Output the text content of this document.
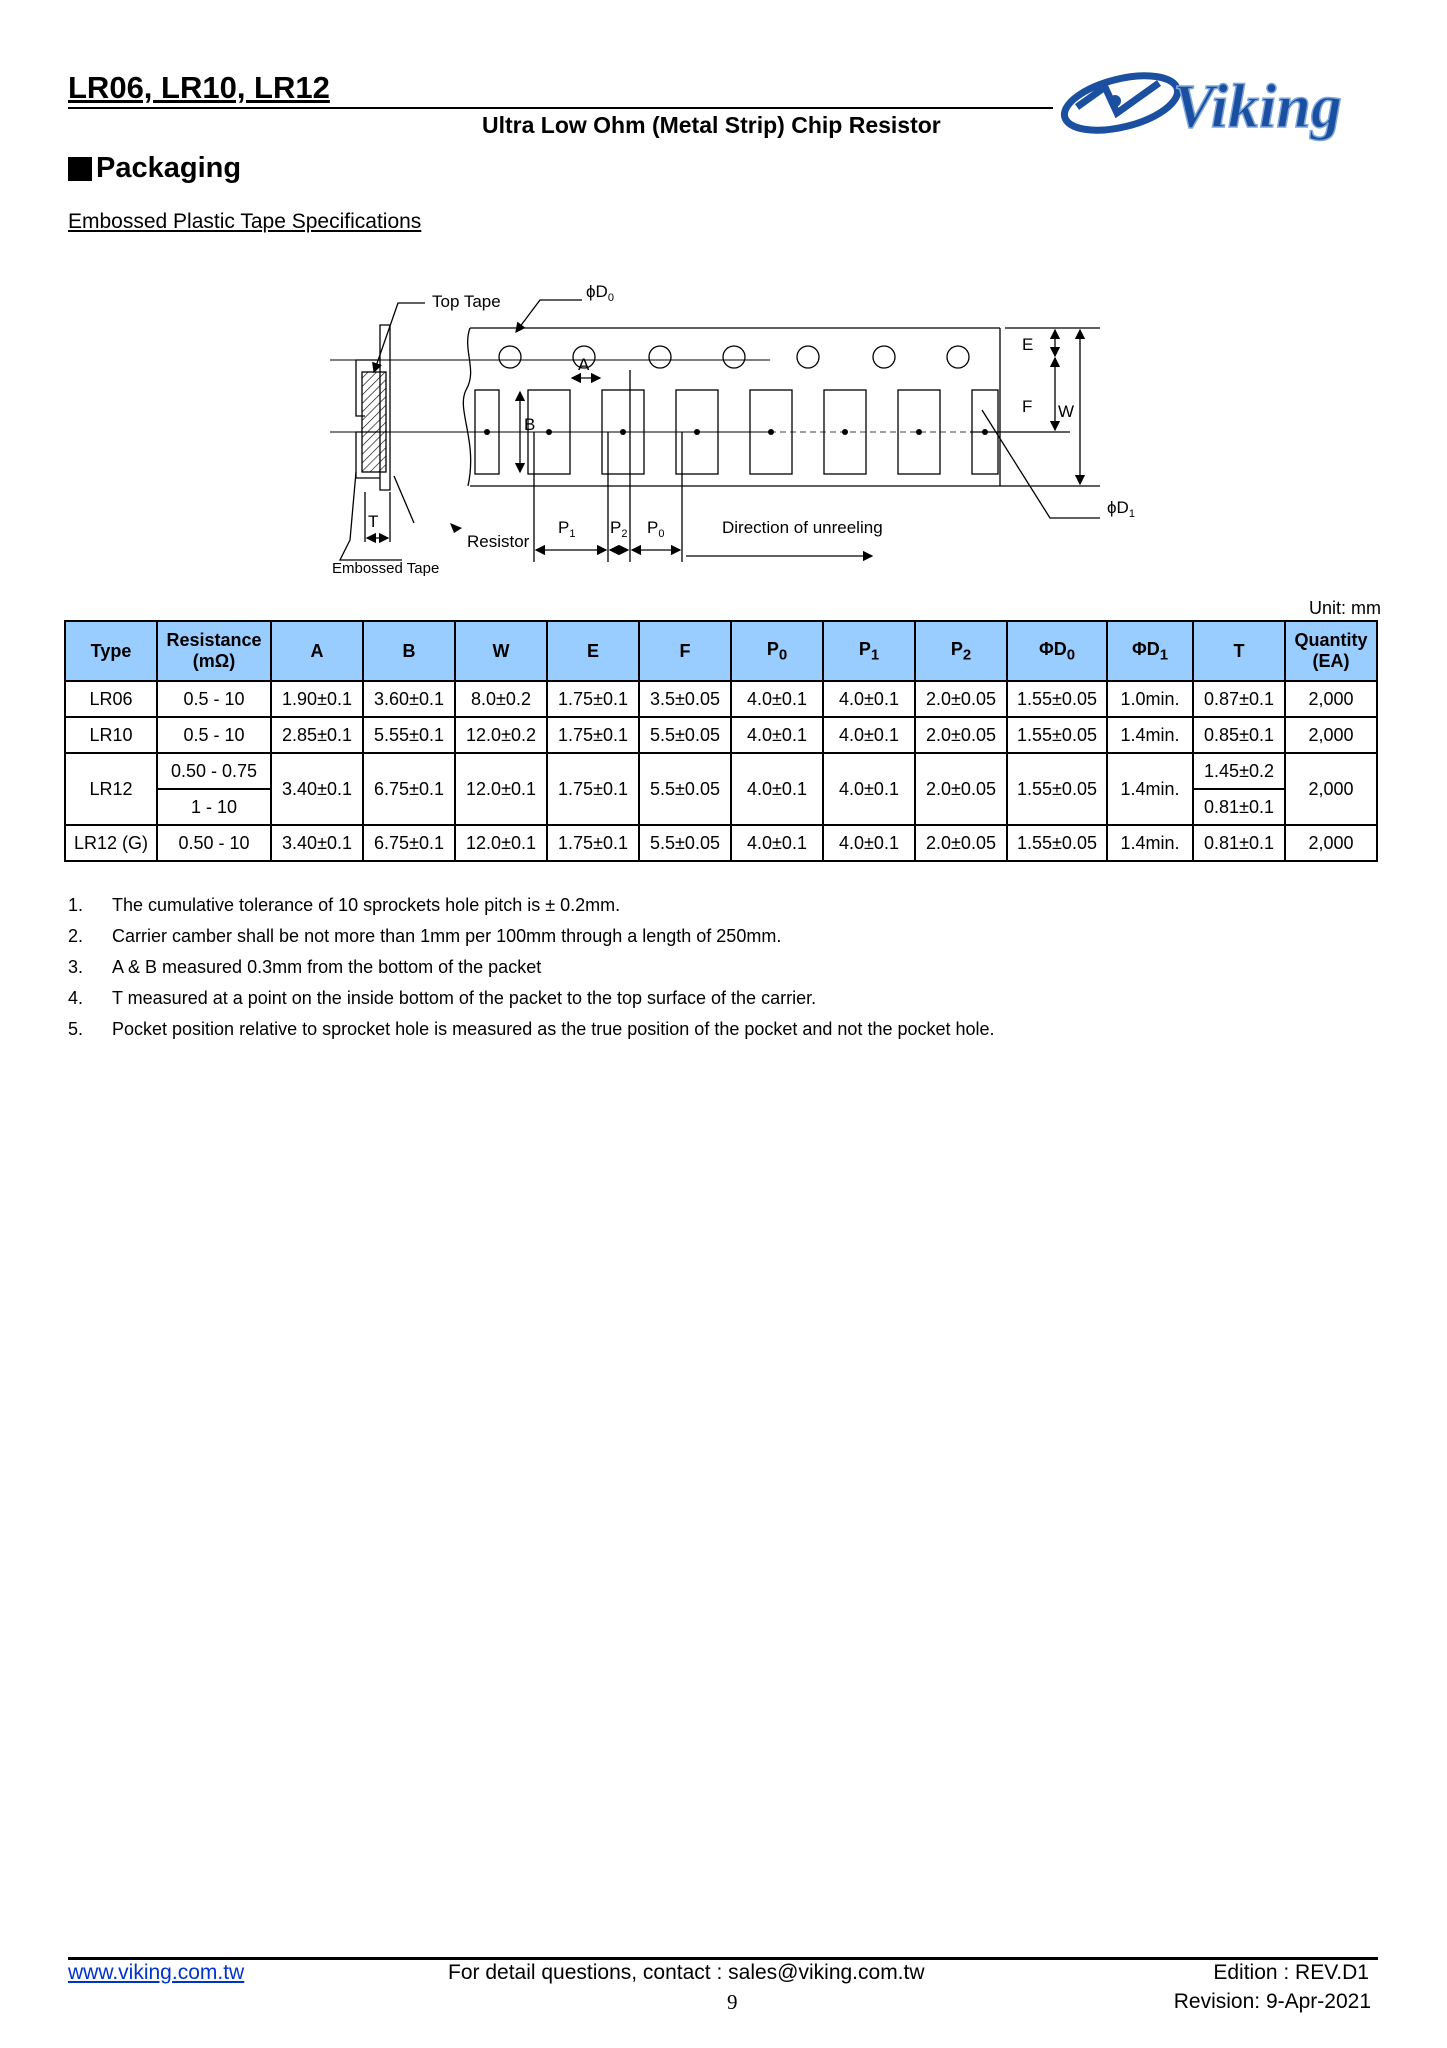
LR06, LR10, LR12
Ultra Low Ohm (Metal Strip) Chip Resistor	Viking
Packaging
Embossed Plastic Tape Specifications
Top Tape
$\phi D_0$
A
B
E
F W
$\phi D_1$
T
Resistor
Embossed Tape
Direction of unreeling
$P_1$ $P_2$ $P_0$
Unit: mm
Type	Resistance
(mΩ)	A	B	W	E	F	$P_0$	$P_1$	$P_2$	$\Phi D_0$	$\Phi D_1$	T	Quantity
(EA)
LR06	0.5 - 10	1.90±0.1	3.60±0.1	8.0±0.2	1.75±0.1	3.5±0.05	4.0±0.1	4.0±0.1	2.0±0.05	1.55±0.05	1.0min.	0.87±0.1	2,000
LR10	0.5 - 10	2.85±0.1	5.55±0.1	12.0±0.2	1.75±0.1	5.5±0.05	4.0±0.1	4.0±0.1	2.0±0.05	1.55±0.05	1.4min.	0.85±0.1	2,000
LR12	0.50 - 0.75	3.40±0.1	6.75±0.1	12.0±0.1	1.75±0.1	5.5±0.05	4.0±0.1	4.0±0.1	2.0±0.05	1.55±0.05	1.4min.	1.45±0.2	2,000
	1 - 10											0.81±0.1	
LR12 (G)	0.50 - 10	3.40±0.1	6.75±0.1	12.0±0.1	1.75±0.1	5.5±0.05	4.0±0.1	4.0±0.1	2.0±0.05	1.55±0.05	1.4min.	0.81±0.1	2,000
1.	The cumulative tolerance of 10 sprockets hole pitch is ± 0.2mm.
2.	Carrier camber shall be not more than 1mm per 100mm through a length of 250mm.
3.	A & B measured 0.3mm from the bottom of the packet
4.	T measured at a point on the inside bottom of the packet to the top surface of the carrier.
5.	Pocket position relative to sprocket hole is measured as the true position of the pocket and not the pocket hole.
www.viking.com.tw	For detail questions, contact : sales@viking.com.tw	Edition : REV.D1
9	Revision: 9-Apr-2021
